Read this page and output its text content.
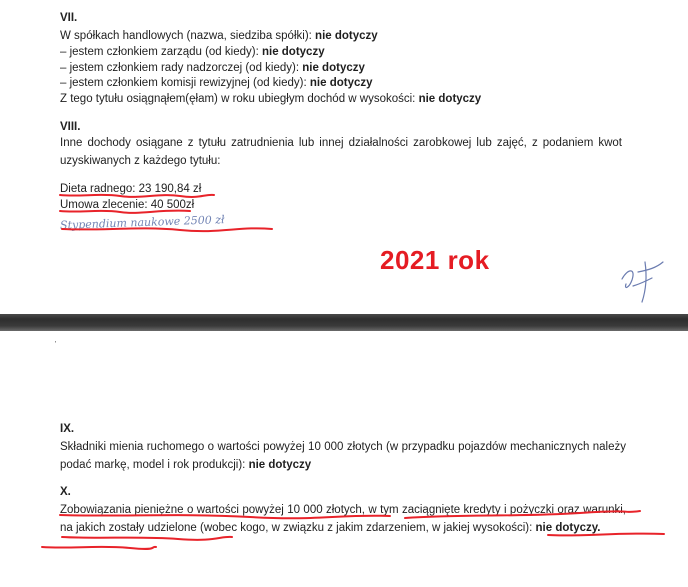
VII.
W spółkach handlowych (nazwa, siedziba spółki): nie dotyczy
– jestem członkiem zarządu (od kiedy): nie dotyczy
– jestem członkiem rady nadzorczej (od kiedy): nie dotyczy
– jestem członkiem komisji rewizyjnej (od kiedy): nie dotyczy
Z tego tytułu osiągnąłem(ęłam) w roku ubiegłym dochód w wysokości: nie dotyczy
VIII.
Inne dochody osiągane z tytułu zatrudnienia lub innej działalności zarobkowej lub zajęć, z podaniem kwot uzyskiwanych z każdego tytułu:
Dieta radnego: 23 190,84 zł
Umowa zlecenie: 40 500zł
Stypendium naukowe 2500 zł
2021 rok
'
IX.
Składniki mienia ruchomego o wartości powyżej 10 000 złotych (w przypadku pojazdów mechanicznych należy podać markę, model i rok produkcji): nie dotyczy
X.
Zobowiązania pieniężne o wartości powyżej 10 000 złotych, w tym zaciągnięte kredyty i pożyczki oraz warunki, na jakich zostały udzielone (wobec kogo, w związku z jakim zdarzeniem, w jakiej wysokości): nie dotyczy.
